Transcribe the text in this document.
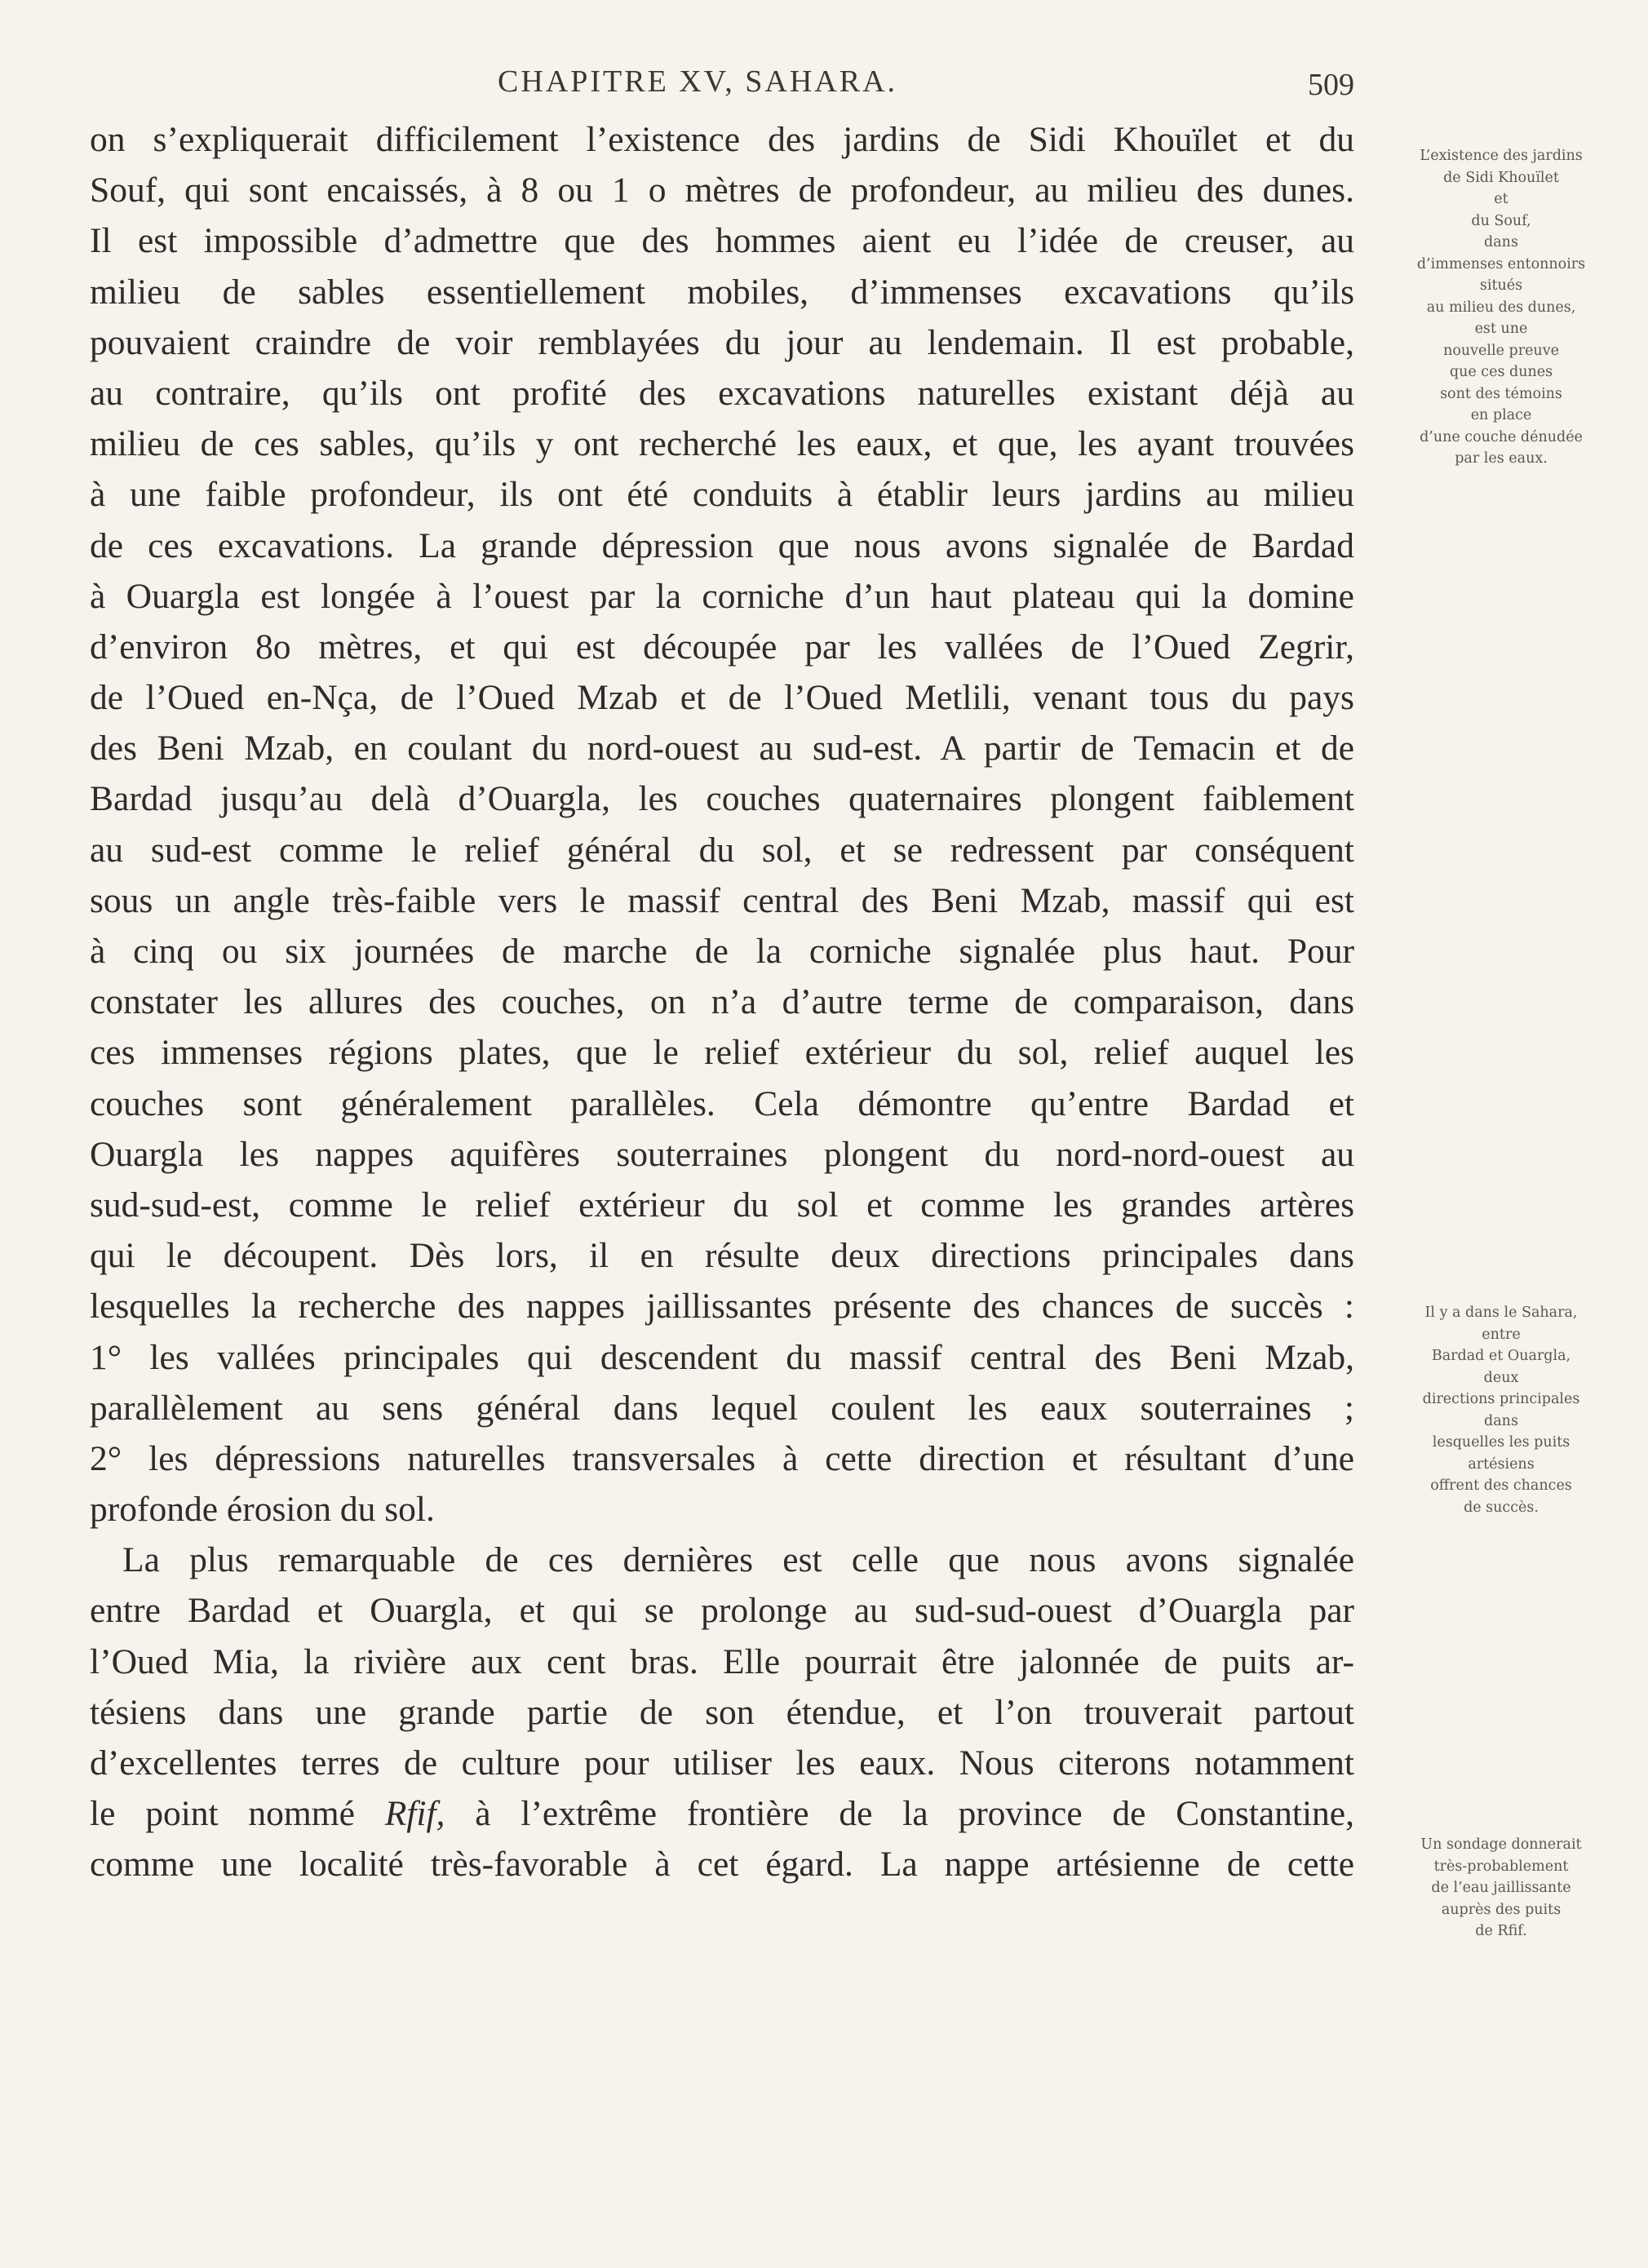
CHAPITRE XV, SAHARA.	509
on s’expliquerait difficilement l’existence des jardins de Sidi Khouïlet et du
Souf, qui sont encaissés, à 8 ou 1 o mètres de profondeur, au milieu des dunes.
Il est impossible d’admettre que des hommes aient eu l’idée de creuser, au
milieu de sables essentiellement mobiles, d’immenses excavations qu’ils
pouvaient craindre de voir remblayées du jour au lendemain. Il est probable,
au contraire, qu’ils ont profité des excavations naturelles existant déjà au
milieu de ces sables, qu’ils y ont recherché les eaux, et que, les ayant trouvées
à une faible profondeur, ils ont été conduits à établir leurs jardins au milieu
de ces excavations. La grande dépression que nous avons signalée de Bardad
à Ouargla est longée à l’ouest par la corniche d’un haut plateau qui la domine
d’environ 8o mètres, et qui est découpée par les vallées de l’Oued Zegrir,
de l’Oued en-Nça, de l’Oued Mzab et de l’Oued Metlili, venant tous du pays
des Beni Mzab, en coulant du nord-ouest au sud-est. A partir de Temacin et de
Bardad jusqu’au delà d’Ouargla, les couches quaternaires plongent faiblement
au sud-est comme le relief général du sol, et se redressent par conséquent
sous un angle très-faible vers le massif central des Beni Mzab, massif qui est
à cinq ou six journées de marche de la corniche signalée plus haut. Pour
constater les allures des couches, on n’a d’autre terme de comparaison, dans
ces immenses régions plates, que le relief extérieur du sol, relief auquel les
couches sont généralement parallèles. Cela démontre qu’entre Bardad et
Ouargla les nappes aquifères souterraines plongent du nord-nord-ouest au
sud-sud-est, comme le relief extérieur du sol et comme les grandes artères
qui le découpent. Dès lors, il en résulte deux directions principales dans
lesquelles la recherche des nappes jaillissantes présente des chances de succès :
1° les vallées principales qui descendent du massif central des Beni Mzab,
parallèlement au sens général dans lequel coulent les eaux souterraines ;
2° les dépressions naturelles transversales à cette direction et résultant d’une
profonde érosion du sol.
La plus remarquable de ces dernières est celle que nous avons signalée
entre Bardad et Ouargla, et qui se prolonge au sud-sud-ouest d’Ouargla par
l’Oued Mia, la rivière aux cent bras. Elle pourrait être jalonnée de puits ar-
tésiens dans une grande partie de son étendue, et l’on trouverait partout
d’excellentes terres de culture pour utiliser les eaux. Nous citerons notamment
le point nommé Rfif, à l’extrême frontière de la province de Constantine,
comme une localité très-favorable à cet égard. La nappe artésienne de cette
L’existence des jardins
de Sidi Khouïlet
et
du Souf,
dans
d’immenses entonnoirs
situés
au milieu des dunes,
est une
nouvelle preuve
que ces dunes
sont des témoins
en place
d’une couche dénudée
par les eaux.
Il y a dans le Sahara,
entre
Bardad et Ouargla,
deux
directions principales
dans
lesquelles les puits
artésiens
offrent des chances
de succès.
Un sondage donnerait
très-probablement
de l’eau jaillissante
auprès des puits
de Rfif.
